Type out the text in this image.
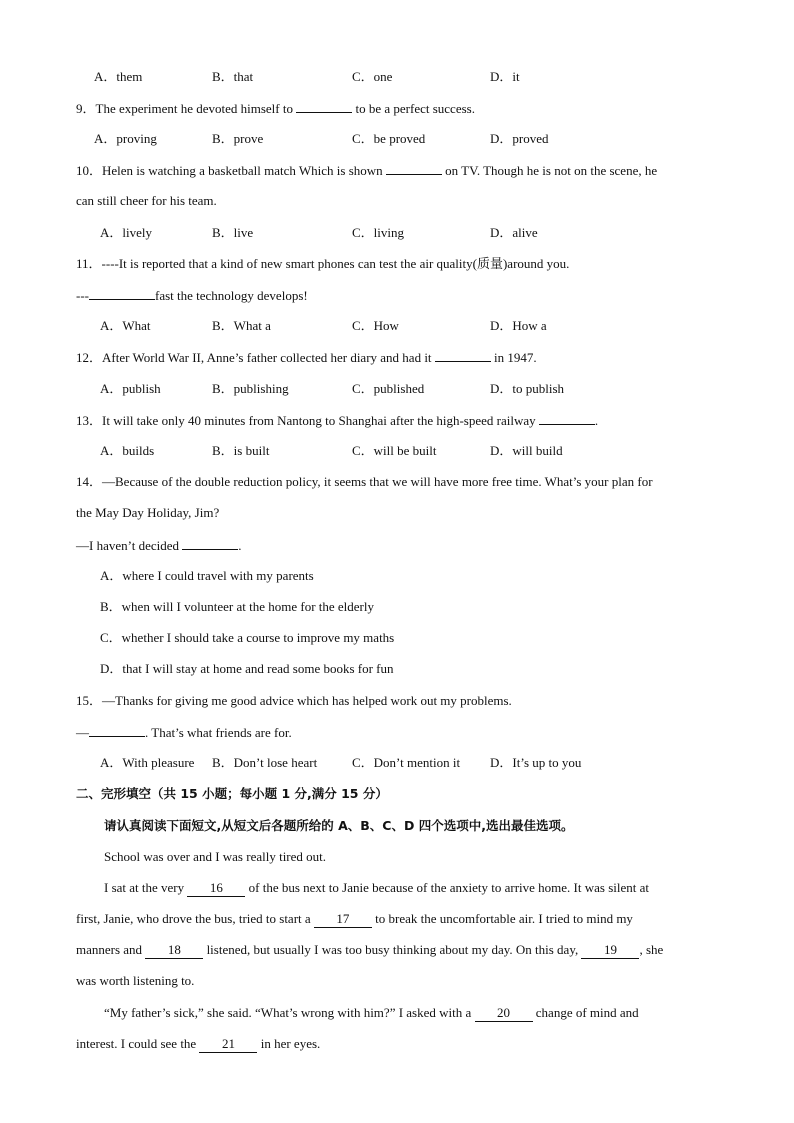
A．them	B．that	C．one	D．it
9．The experiment he devoted himself to	to be a perfect success.
A．proving	B．prove	C．be proved	D．proved
10．Helen is watching a basketball match Which is shown	on TV. Though he is not on the scene, he
can still cheer for his team.
A．lively	B．live	C．living	D．alive
11．----It is reported that a kind of new smart phones can test the air quality(质量)around you.
---	fast the technology develops!
A．What	B．What a	C．How	D．How a
12．After World War II, Anne’s father collected her diary and had it	in 1947.
A．publish	B．publishing	C．published	D．to publish
13．It will take only 40 minutes from Nantong to Shanghai after the high-speed railway	.
A．builds	B．is built	C．will be built	D．will build
14．—Because of the double reduction policy, it seems that we will have more free time. What’s your plan for
the May Day Holiday, Jim?
—I haven’t decided	.
A．where I could travel with my parents
B．when will I volunteer at the home for the elderly
C．whether I should take a course to improve my maths
D．that I will stay at home and read some books for fun
15．—Thanks for giving me good advice which has helped work out my problems.
—	. That’s what friends are for.
A．With pleasure B．Don’t lose heart	C．Don’t mention it D．It’s up to you
二、完形填空（共 15 小题；每小题 1 分,满分 15 分）
请认真阅读下面短文,从短文后各题所给的 A、B、C、D 四个选项中,选出最佳选项。
School was over and I was really tired out.
I sat at the very 16 of the bus next to Janie because of the anxiety to arrive home. It was silent at
first, Janie, who drove the bus, tried to start a 17 to break the uncomfortable air. I tried to mind my
manners and 18 listened, but usually I was too busy thinking about my day. On this day, 19 , she
was worth listening to.
“My father’s sick,” she said. “What’s wrong with him?” I asked with a 20 change of mind and
interest. I could see the 21 in her eyes.
